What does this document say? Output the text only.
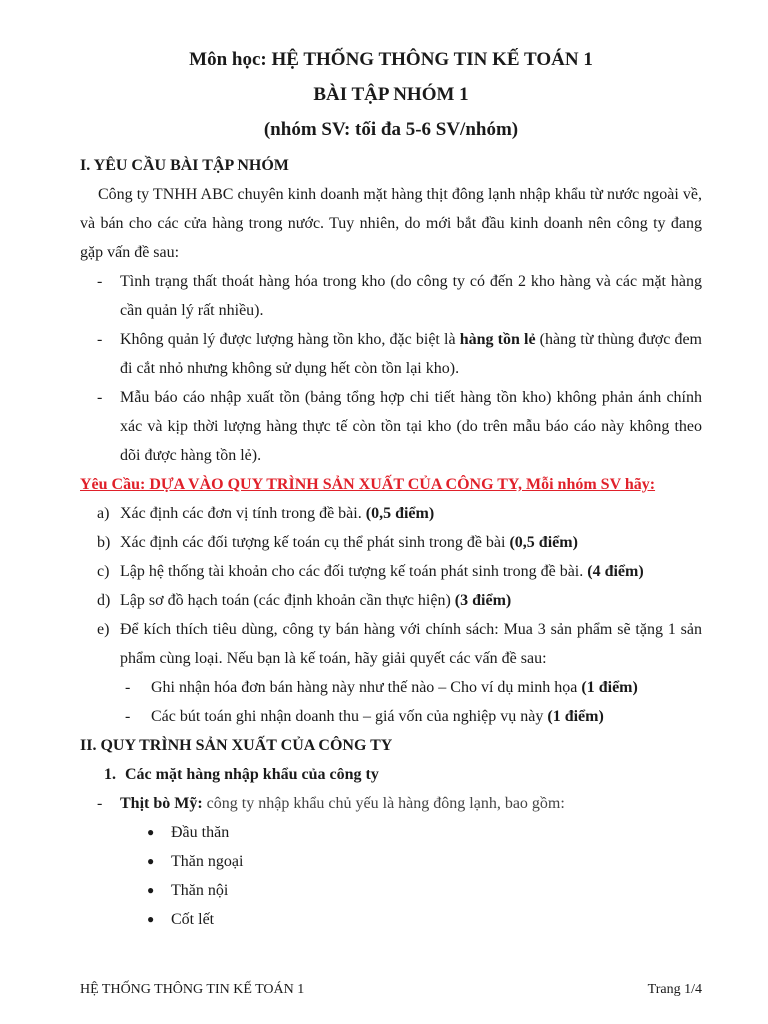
Môn học: HỆ THỐNG THÔNG TIN KẾ TOÁN 1
BÀI TẬP NHÓM 1
(nhóm SV: tối đa 5-6 SV/nhóm)
I. YÊU CẦU BÀI TẬP NHÓM
Công ty TNHH ABC chuyên kinh doanh mặt hàng thịt đông lạnh nhập khẩu từ nước ngoài về, và bán cho các cửa hàng trong nước. Tuy nhiên, do mới bắt đầu kinh doanh nên công ty đang gặp vấn đề sau:
- Tình trạng thất thoát hàng hóa trong kho (do công ty có đến 2 kho hàng và các mặt hàng cần quản lý rất nhiều).
- Không quản lý được lượng hàng tồn kho, đặc biệt là hàng tồn lẻ (hàng từ thùng được đem đi cắt nhỏ nhưng không sử dụng hết còn tồn lại kho).
- Mẫu báo cáo nhập xuất tồn (bảng tổng hợp chi tiết hàng tồn kho) không phản ánh chính xác và kịp thời lượng hàng thực tế còn tồn tại kho (do trên mẫu báo cáo này không theo dõi được hàng tồn lẻ).
Yêu Cầu: DỰA VÀO QUY TRÌNH SẢN XUẤT CỦA CÔNG TY, Mỗi nhóm SV hãy:
a) Xác định các đơn vị tính trong đề bài. (0,5 điểm)
b) Xác định các đối tượng kế toán cụ thể phát sinh trong đề bài (0,5 điểm)
c) Lập hệ thống tài khoản cho các đối tượng kế toán phát sinh trong đề bài. (4 điểm)
d) Lập sơ đồ hạch toán (các định khoản cần thực hiện) (3 điểm)
e) Để kích thích tiêu dùng, công ty bán hàng với chính sách: Mua 3 sản phẩm sẽ tặng 1 sản phẩm cùng loại. Nếu bạn là kế toán, hãy giải quyết các vấn đề sau:
- Ghi nhận hóa đơn bán hàng này như thế nào – Cho ví dụ minh họa (1 điểm)
- Các bút toán ghi nhận doanh thu – giá vốn của nghiệp vụ này (1 điểm)
II. QUY TRÌNH SẢN XUẤT CỦA CÔNG TY
1. Các mặt hàng nhập khẩu của công ty
- Thịt bò Mỹ: công ty nhập khẩu chủ yếu là hàng đông lạnh, bao gồm:
● Đầu thăn
● Thăn ngoại
● Thăn nội
● Cốt lết
HỆ THỐNG THÔNG TIN KẾ TOÁN 1	Trang 1/4
